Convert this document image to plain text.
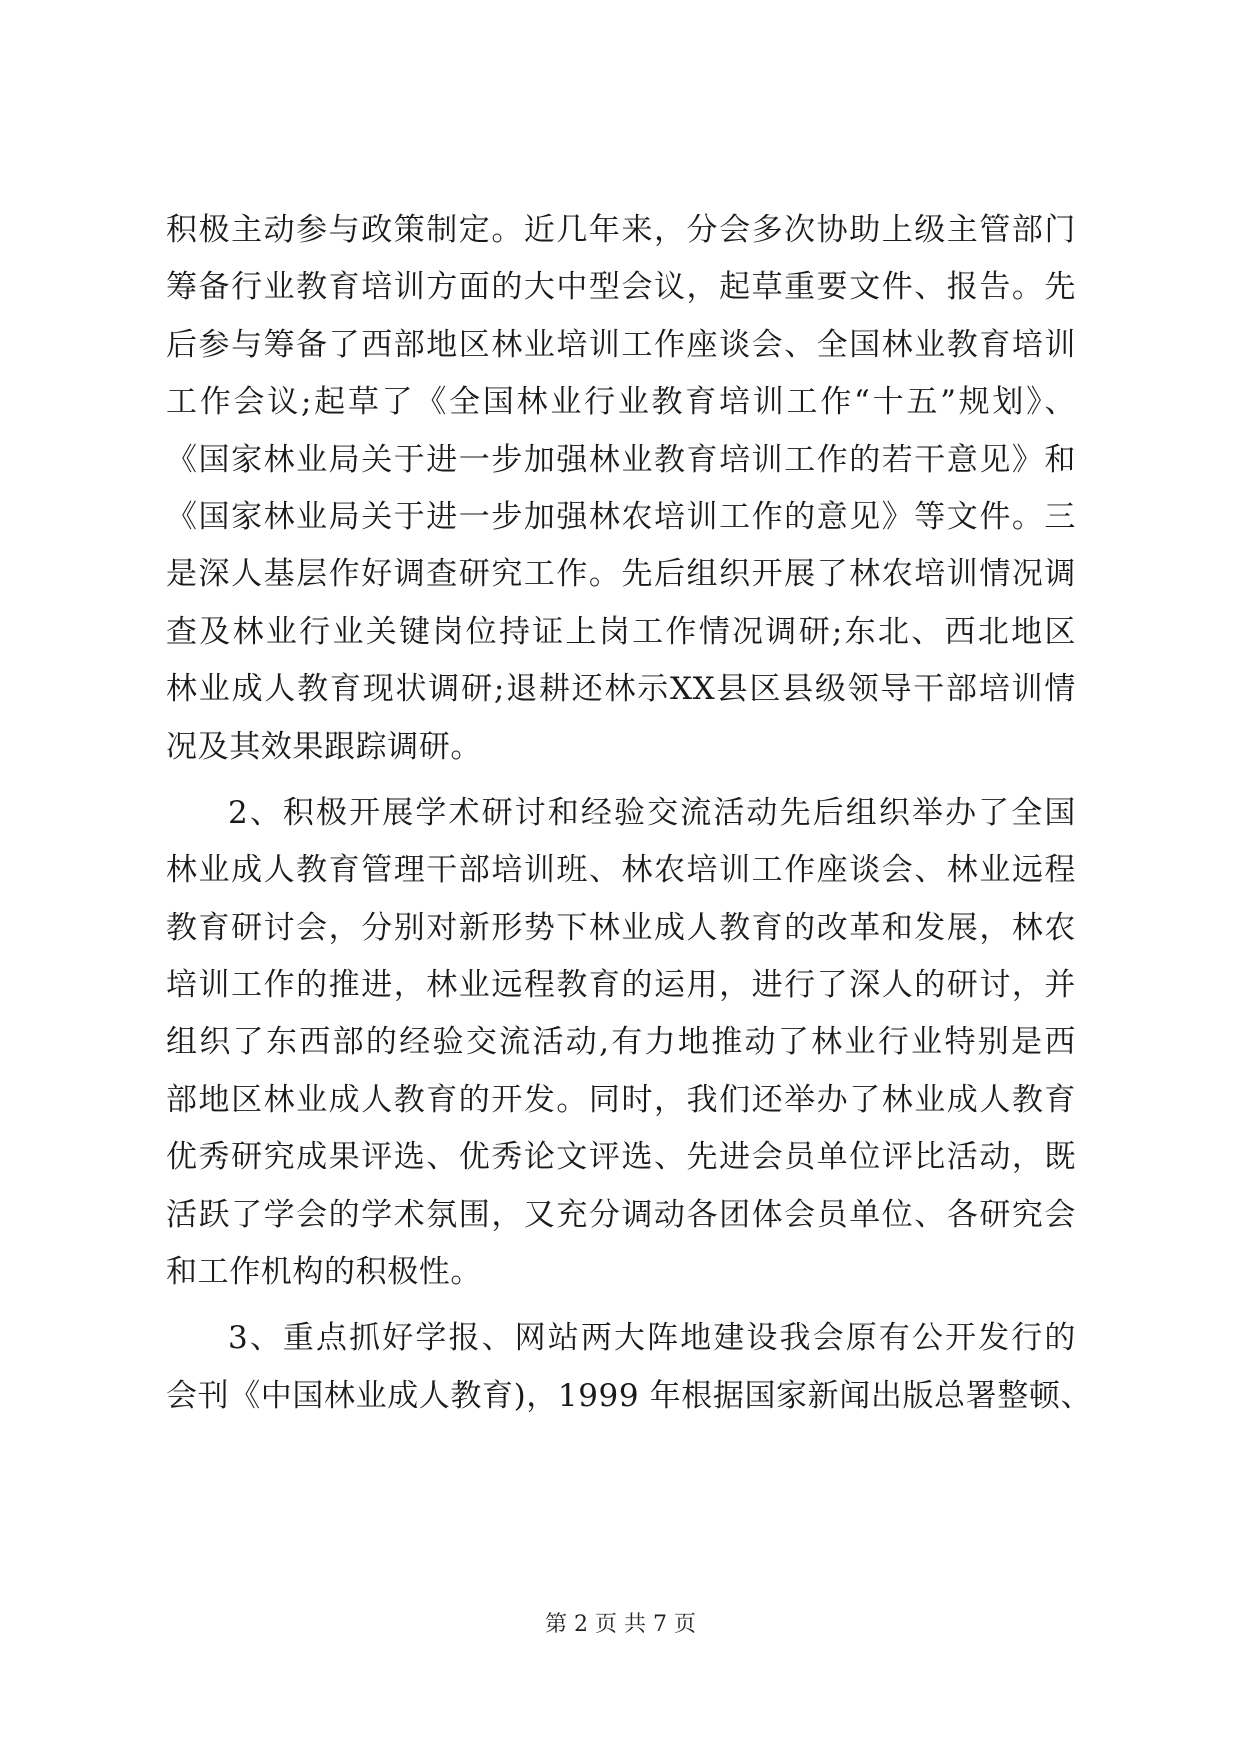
积极主动参与政策制定。近几年来，分会多次协助上级主管部门
筹备行业教育培训方面的大中型会议，起草重要文件、报告。先
后参与筹备了西部地区林业培训工作座谈会、全国林业教育培训
工作会议;起草了《全国林业行业教育培训工作“十五”规划》、
《国家林业局关于进一步加强林业教育培训工作的若干意见》和
《国家林业局关于进一步加强林农培训工作的意见》等文件。三
是深人基层作好调查研究工作。先后组织开展了林农培训情况调
查及林业行业关键岗位持证上岗工作情况调研;东北、西北地区
林业成人教育现状调研;退耕还林示XX县区县级领导干部培训情
况及其效果跟踪调研。
2、积极开展学术研讨和经验交流活动先后组织举办了全国
林业成人教育管理干部培训班、林农培训工作座谈会、林业远程
教育研讨会，分别对新形势下林业成人教育的改革和发展，林农
培训工作的推进，林业远程教育的运用，进行了深人的研讨，并
组织了东西部的经验交流活动,有力地推动了林业行业特别是西
部地区林业成人教育的开发。同时，我们还举办了林业成人教育
优秀研究成果评选、优秀论文评选、先进会员单位评比活动，既
活跃了学会的学术氛围，又充分调动各团体会员单位、各研究会
和工作机构的积极性。
3、重点抓好学报、网站两大阵地建设我会原有公开发行的
会刊《中国林业成人教育)，1999 年根据国家新闻出版总署整顿、
第 2 页 共 7 页
